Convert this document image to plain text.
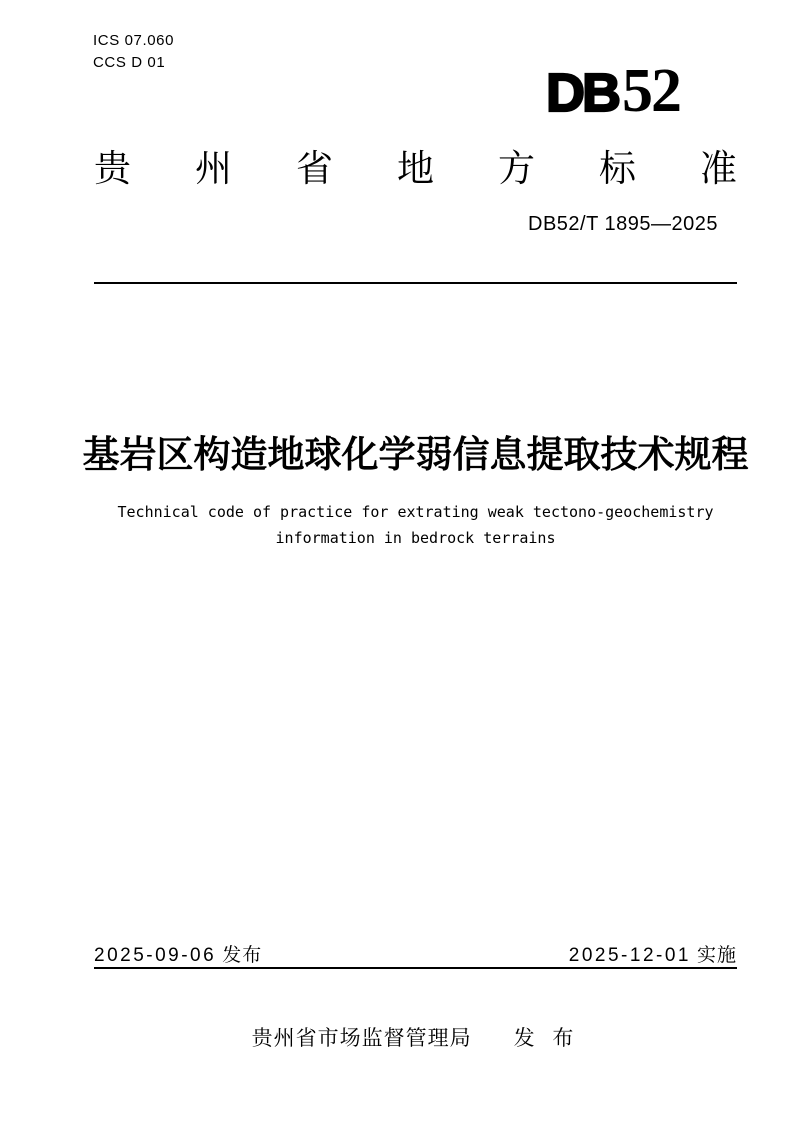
ICS 07.060
CCS D 01
DB 52
贵 州 省 地 方 标 准
DB52/T 1895—2025
基岩区构造地球化学弱信息提取技术规程
Technical code of practice for extrating weak tectono-geochemistry
information in bedrock terrains
2025-09-06 发布	2025-12-01 实施
贵州省市场监督管理局 发 布
